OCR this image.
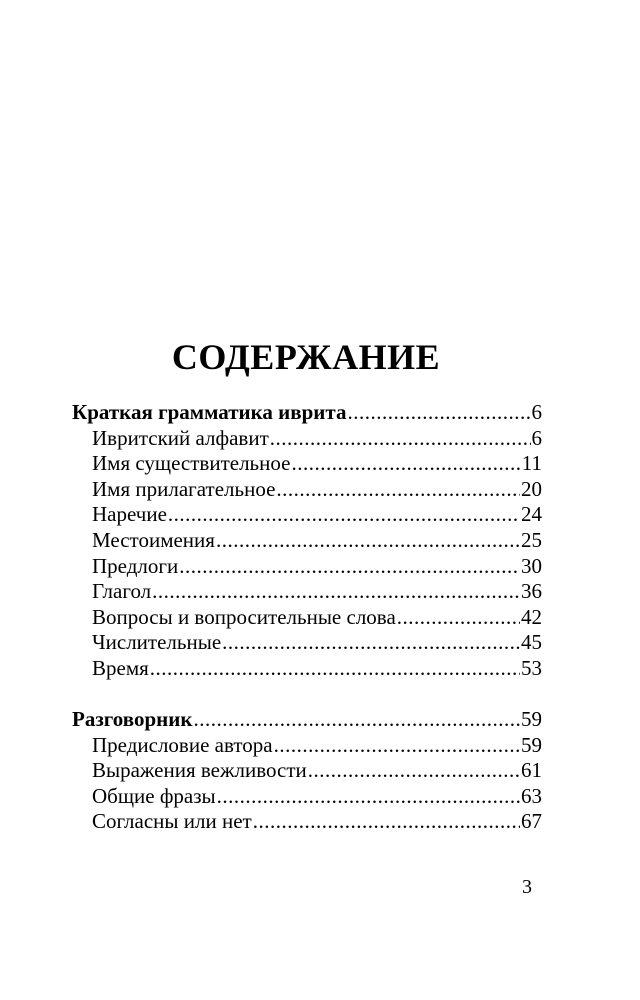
СОДЕРЖАНИЕ
Краткая грамматика иврита .....	6
Ивритский алфавит .....	6
Имя существительное .....	11
Имя прилагательное .....	20
Наречие .....	24
Местоимения .....	25
Предлоги .....	30
Глагол .....	36
Вопросы и вопросительные слова .....	42
Числительные .....	45
Время .....	53
Разговорник .....	59
Предисловие автора .....	59
Выражения вежливости .....	61
Общие фразы .....	63
Согласны или нет .....	67
3
